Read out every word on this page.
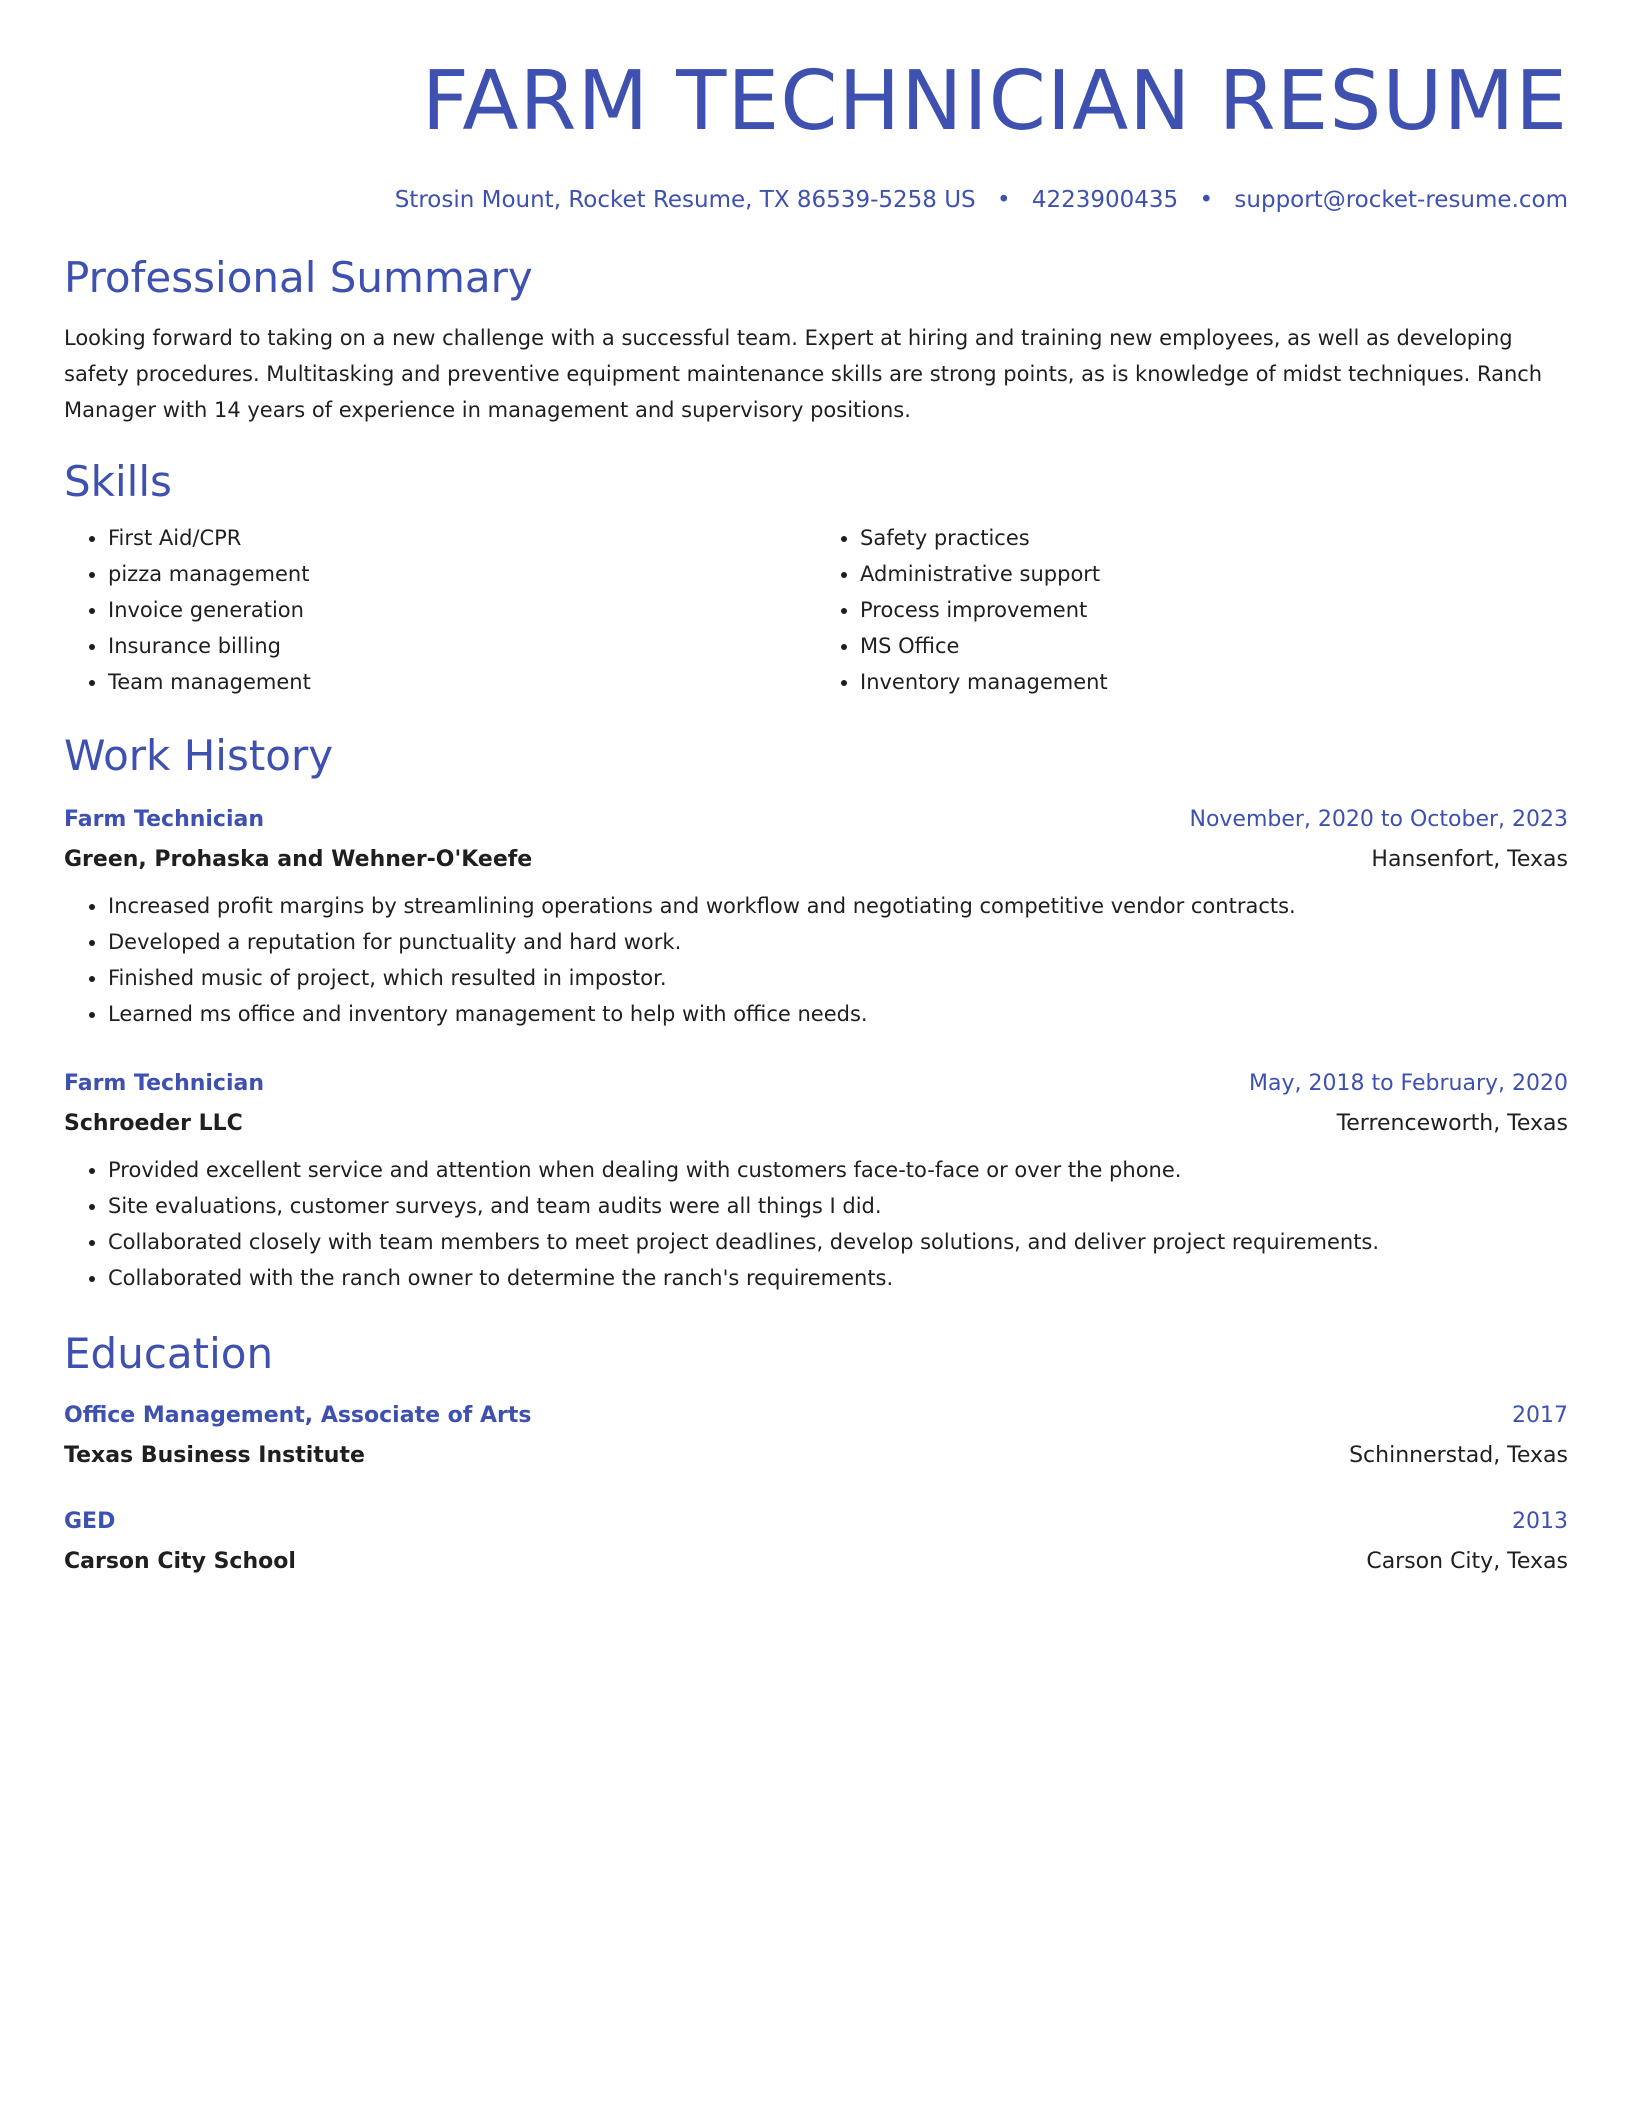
FARM TECHNICIAN RESUME
Strosin Mount, Rocket Resume, TX 86539-5258 US • 4223900435 • support@rocket-resume.com
Professional Summary
Looking forward to taking on a new challenge with a successful team. Expert at hiring and training new employees, as well as developing safety procedures. Multitasking and preventive equipment maintenance skills are strong points, as is knowledge of midst techniques. Ranch Manager with 14 years of experience in management and supervisory positions.
Skills
• First Aid/CPR
• pizza management
• Invoice generation
• Insurance billing
• Team management
• Safety practices
• Administrative support
• Process improvement
• MS Office
• Inventory management
Work History
Farm Technician	November, 2020 to October, 2023
Green, Prohaska and Wehner-O'Keefe	Hansenfort, Texas
• Increased profit margins by streamlining operations and workflow and negotiating competitive vendor contracts.
• Developed a reputation for punctuality and hard work.
• Finished music of project, which resulted in impostor.
• Learned ms office and inventory management to help with office needs.
Farm Technician	May, 2018 to February, 2020
Schroeder LLC	Terrenceworth, Texas
• Provided excellent service and attention when dealing with customers face-to-face or over the phone.
• Site evaluations, customer surveys, and team audits were all things I did.
• Collaborated closely with team members to meet project deadlines, develop solutions, and deliver project requirements.
• Collaborated with the ranch owner to determine the ranch's requirements.
Education
Office Management, Associate of Arts	2017
Texas Business Institute	Schinnerstad, Texas
GED	2013
Carson City School	Carson City, Texas
